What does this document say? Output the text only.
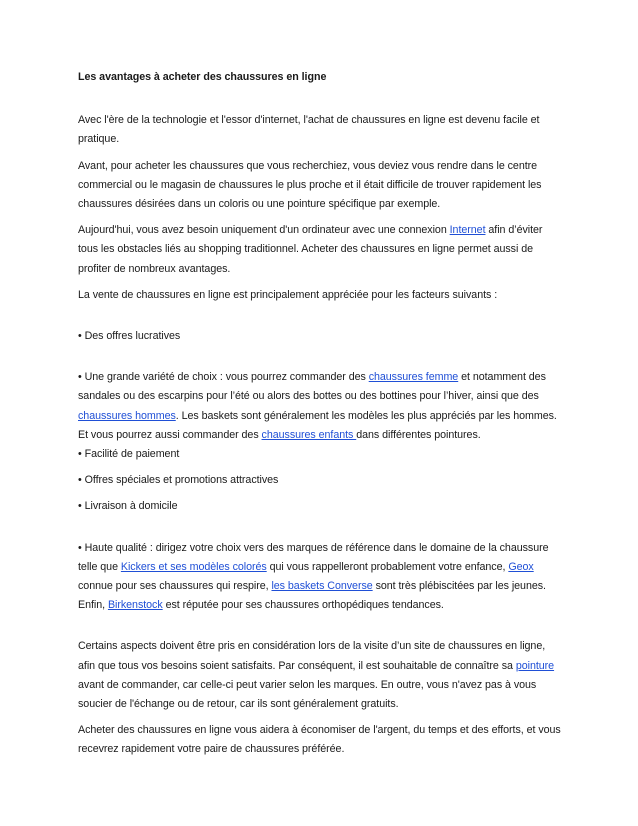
Les avantages à acheter des chaussures en ligne

Avec l'ère de la technologie et l'essor d'internet, l'achat de chaussures en ligne est devenu facile et pratique.

Avant, pour acheter les chaussures que vous recherchiez, vous deviez vous rendre dans le centre commercial ou le magasin de chaussures le plus proche et il était difficile de trouver rapidement les chaussures désirées dans un coloris ou une pointure spécifique par exemple.

Aujourd'hui, vous avez besoin uniquement d'un ordinateur avec une connexion Internet afin d’éviter tous les obstacles liés au shopping traditionnel. Acheter des chaussures en ligne permet aussi de profiter de nombreux avantages.

La vente de chaussures en ligne est principalement appréciée pour les facteurs suivants :

• Des offres lucratives

• Une grande variété de choix : vous pourrez commander des chaussures femme et notamment des sandales ou des escarpins pour l’été ou alors des bottes ou des bottines pour l’hiver, ainsi que des chaussures hommes. Les baskets sont généralement les modèles les plus appréciés par les hommes. Et vous pourrez aussi commander des chaussures enfants dans différentes pointures.
• Facilité de paiement

• Offres spéciales et promotions attractives

• Livraison à domicile

• Haute qualité : dirigez votre choix vers des marques de référence dans le domaine de la chaussure telle que Kickers et ses modèles colorés qui vous rappelleront probablement votre enfance, Geox connue pour ses chaussures qui respire, les baskets Converse sont très plébiscitées par les jeunes. Enfin, Birkenstock est réputée pour ses chaussures orthopédiques tendances.

Certains aspects doivent être pris en considération lors de la visite d’un site de chaussures en ligne, afin que tous vos besoins soient satisfaits. Par conséquent, il est souhaitable de connaître sa pointure avant de commander, car celle-ci peut varier selon les marques. En outre, vous n'avez pas à vous soucier de l'échange ou de retour, car ils sont généralement gratuits.

Acheter des chaussures en ligne vous aidera à économiser de l'argent, du temps et des efforts, et vous recevrez rapidement votre paire de chaussures préférée.
